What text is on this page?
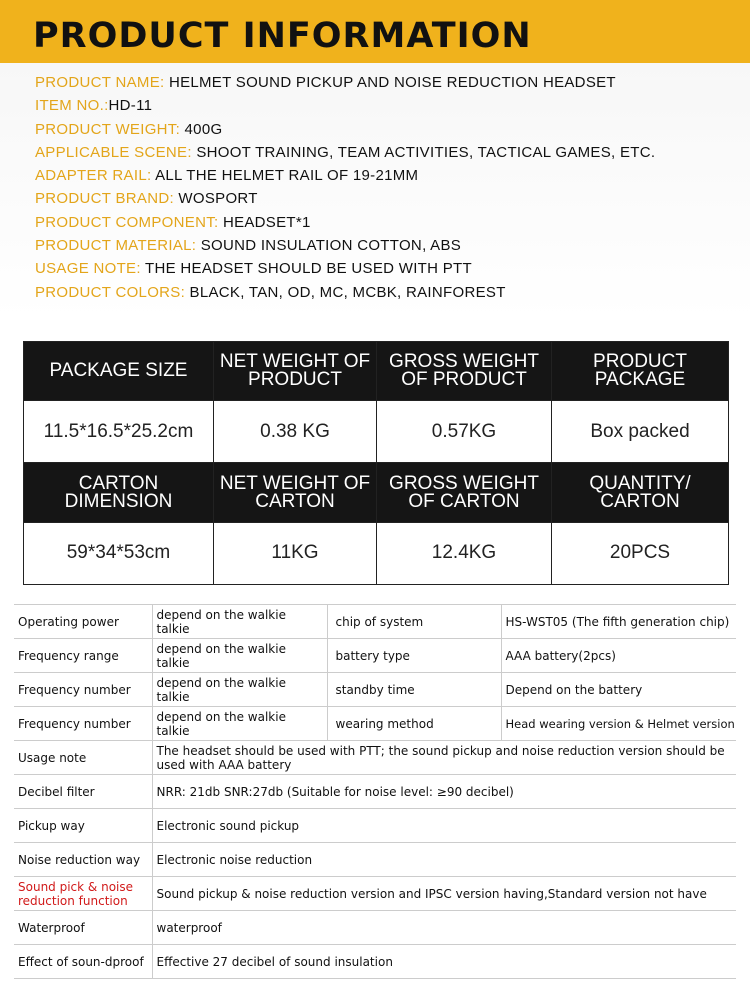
PRODUCT INFORMATION
PRODUCT NAME: HELMET SOUND PICKUP AND NOISE REDUCTION HEADSET
ITEM NO.:HD-11
PRODUCT WEIGHT: 400G
APPLICABLE SCENE: SHOOT TRAINING, TEAM ACTIVITIES, TACTICAL GAMES, ETC.
ADAPTER RAIL: ALL THE HELMET RAIL OF 19-21MM
PRODUCT BRAND: WOSPORT
PRODUCT COMPONENT: HEADSET*1
PRODUCT MATERIAL: SOUND INSULATION COTTON, ABS
USAGE NOTE: THE HEADSET SHOULD BE USED WITH PTT
PRODUCT COLORS: BLACK, TAN, OD, MC, MCBK, RAINFOREST
PACKAGE SIZE	NET WEIGHT OF PRODUCT	GROSS WEIGHT OF PRODUCT	PRODUCT PACKAGE
11.5*16.5*25.2cm	0.38 KG	0.57KG	Box packed
CARTON DIMENSION	NET WEIGHT OF CARTON	GROSS WEIGHT OF CARTON	QUANTITY/ CARTON
59*34*53cm	11KG	12.4KG	20PCS
Operating power	depend on the walkie talkie	chip of system	HS-WST05 (The fifth generation chip)
Frequency range	depend on the walkie talkie	battery type	AAA battery(2pcs)
Frequency number	depend on the walkie talkie	standby time	Depend on the battery
Frequency number	depend on the walkie talkie	wearing method	Head wearing version & Helmet version
Usage note	The headset should be used with PTT; the sound pickup and noise reduction version should be used with AAA battery		
Decibel filter	NRR: 21db SNR:27db (Suitable for noise level: ≥90 decibel)		
Pickup way	Electronic sound pickup		
Noise reduction way	Electronic noise reduction		
Sound pick & noise reduction function	Sound pickup & noise reduction version and IPSC version having,Standard version not have		
Waterproof	waterproof		
Effect of soun-dproof	Effective 27 decibel of sound insulation		
